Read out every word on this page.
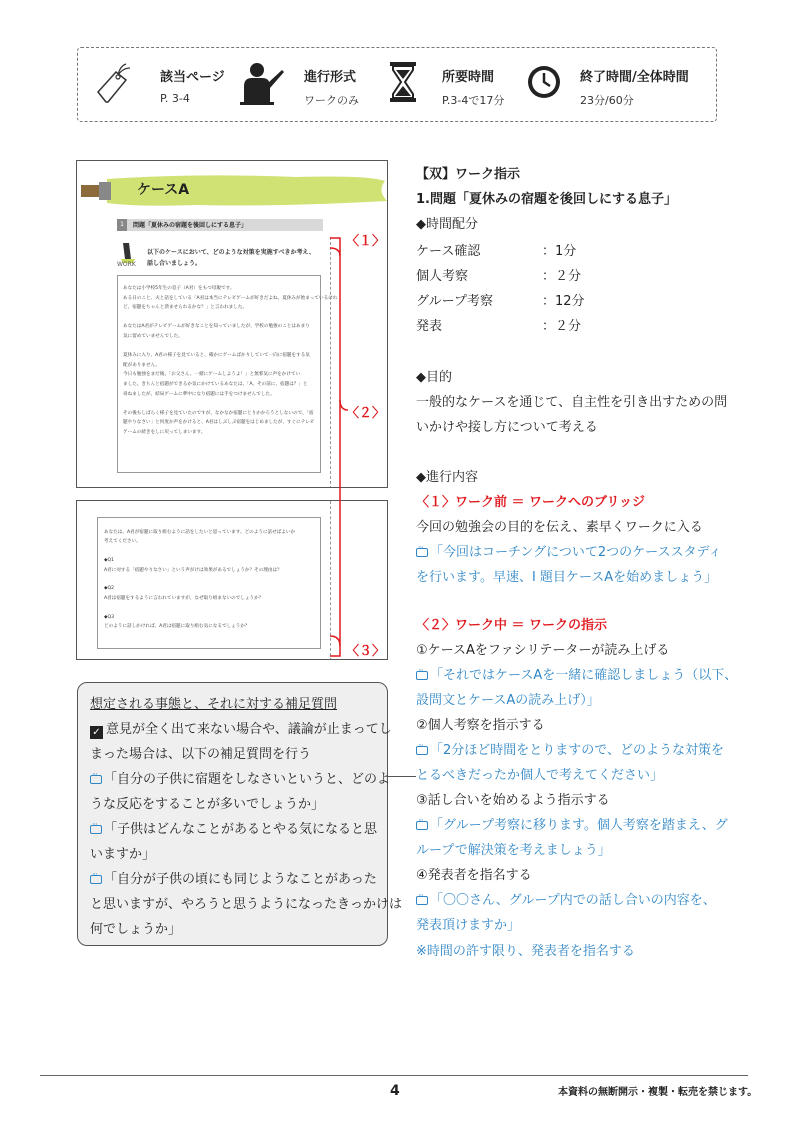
該当ページ
P. 3-4
進行形式
ワークのみ
所要時間
P.3-4で17分
終了時間/全体時間
23分/60分
ケースA
1	問題「夏休みの宿題を後回しにする息子」
WORK
以下のケースにおいて、どのような対策を実施すべきか考え、
話し合いましょう。
あなたは小学校5年生の息子（A君）をもつ母親です。
ある日のこと、夫と話をしている「A君は本当にテレビゲームが好きだよね。夏休みが始まっているけれ
ど、宿題をちゃんと済ませられるかな？」と言われました。

あなたはA君がテレビゲームが好きなことを知っていましたが、学校の勉強のことはあまり
気に留めていませんでした。

夏休みに入り、A君の様子を見ていると、確かにゲームばかりしていて一向に宿題をする気
配がありません。
今日も勉強をまだ後、「お父さん、一緒にゲームしようよ！」と無邪気に声をかけてい
ました。きちんと宿題ができるか気にかけているあなたは、「A、その前に、宿題は？」と
尋ねましたが、結局ゲームに夢中になり宿題には手をつけませんでした。

その後もしばらく様子を見ていたのですが、なかなか宿題にとりかかろうとしないので、「宿
題やりなさい」と何度か声をかけると、A君はしぶしぶ宿題をはじめましたが、すぐにテレビ
ゲームの続きをしに戻ってしまいます。
あなたは、A君が宿題に取り組むように話をしたいと思っています。どのように話せばよいか
考えてください。

◆Q1
A君に対する「宿題やりなさい」という声がけは効果があるでしょうか？その理由は？

◆Q2
A君は宿題をするように言われていますが、なぜ取り組まないのでしょうか？

◆Q3
どのように話しかければ、A君は宿題に取り組む気になるでしょうか？
〈１〉
〈２〉
〈３〉
【双】ワーク指示
1.問題「夏休みの宿題を後回しにする息子」
◆時間配分
ケース確認	：1分
個人考察	：２分
グループ考察	：12分
発表	：２分
◆目的
一般的なケースを通じて、自主性を引き出すための問
いかけや接し方について考える
◆進行内容
〈１〉ワーク前 ＝ ワークへのブリッジ
今回の勉強会の目的を伝え、素早くワークに入る
···「今回はコーチングについて2つのケーススタディ
を行います。早速、I 題目ケースAを始めましょう」
〈２〉ワーク中 ＝ ワークの指示
①ケースAをファシリテーターが読み上げる
···「それではケースAを一緒に確認しましょう（以下、
設問文とケースAの読み上げ）」
②個人考察を指示する
···「2分ほど時間をとりますので、どのような対策を
とるべきだったか個人で考えてください」
③話し合いを始めるよう指示する
···「グループ考察に移ります。個人考察を踏まえ、グ
ループで解決策を考えましょう」
④発表者を指名する
···「〇〇さん、グループ内での話し合いの内容を、
発表頂けますか」
※時間の許す限り、発表者を指名する
想定される事態と、それに対する補足質問
✓ 意見が全く出て来ない場合や、議論が止まってし
まった場合は、以下の補足質問を行う
···「自分の子供に宿題をしなさいというと、どのよ
うな反応をすることが多いでしょうか」
···「子供はどんなことがあるとやる気になると思
いますか」
···「自分が子供の頃にも同じようなことがあった
と思いますが、やろうと思うようになったきっかけは
何でしょうか」
4	本資料の無断開示・複製・転売を禁じます。
